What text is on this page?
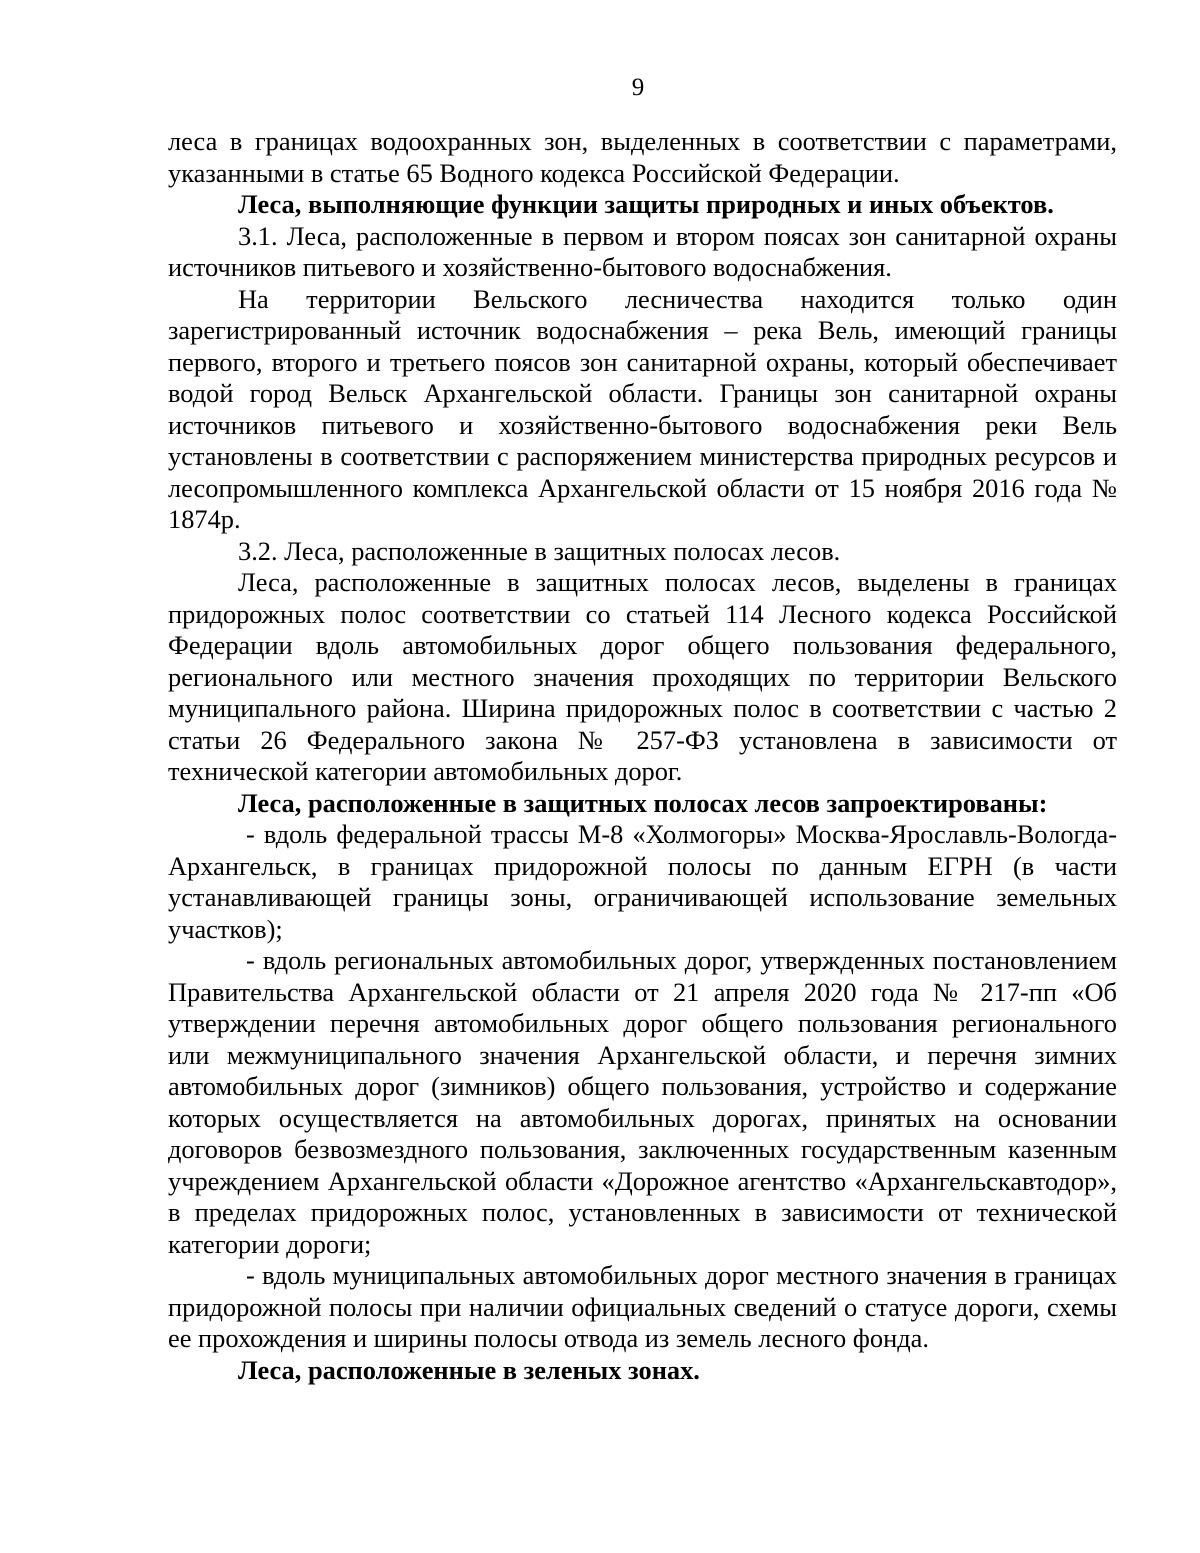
9

леса в границах водоохранных зон, выделенных в соответствии с параметрами, указанными в статье 65 Водного кодекса Российской Федерации.

Леса, выполняющие функции защиты природных и иных объектов.

3.1. Леса, расположенные в первом и втором поясах зон санитарной охраны источников питьевого и хозяйственно-бытового водоснабжения.

На территории Вельского лесничества находится только один зарегистрированный источник водоснабжения – река Вель, имеющий границы первого, второго и третьего поясов зон санитарной охраны, который обеспечивает водой город Вельск Архангельской области. Границы зон санитарной охраны источников питьевого и хозяйственно-бытового водоснабжения реки Вель установлены в соответствии с распоряжением министерства природных ресурсов и лесопромышленного комплекса Архангельской области от 15 ноября 2016 года № 1874р.

3.2. Леса, расположенные в защитных полосах лесов.

Леса, расположенные в защитных полосах лесов, выделены в границах придорожных полос соответствии со статьей 114 Лесного кодекса Российской Федерации вдоль автомобильных дорог общего пользования федерального, регионального или местного значения проходящих по территории Вельского муниципального района. Ширина придорожных полос в соответствии с частью 2 статьи 26 Федерального закона № 257-ФЗ установлена в зависимости от технической категории автомобильных дорог.

Леса, расположенные в защитных полосах лесов запроектированы:

- вдоль федеральной трассы М-8 «Холмогоры» Москва-Ярославль-Вологда-Архангельск, в границах придорожной полосы по данным ЕГРН (в части устанавливающей границы зоны, ограничивающей использование земельных участков);

- вдоль региональных автомобильных дорог, утвержденных постановлением Правительства Архангельской области от 21 апреля 2020 года № 217-пп «Об утверждении перечня автомобильных дорог общего пользования регионального или межмуниципального значения Архангельской области, и перечня зимних автомобильных дорог (зимников) общего пользования, устройство и содержание которых осуществляется на автомобильных дорогах, принятых на основании договоров безвозмездного пользования, заключенных государственным казенным учреждением Архангельской области «Дорожное агентство «Архангельскавтодор», в пределах придорожных полос, установленных в зависимости от технической категории дороги;

- вдоль муниципальных автомобильных дорог местного значения в границах придорожной полосы при наличии официальных сведений о статусе дороги, схемы ее прохождения и ширины полосы отвода из земель лесного фонда.

Леса, расположенные в зеленых зонах.
